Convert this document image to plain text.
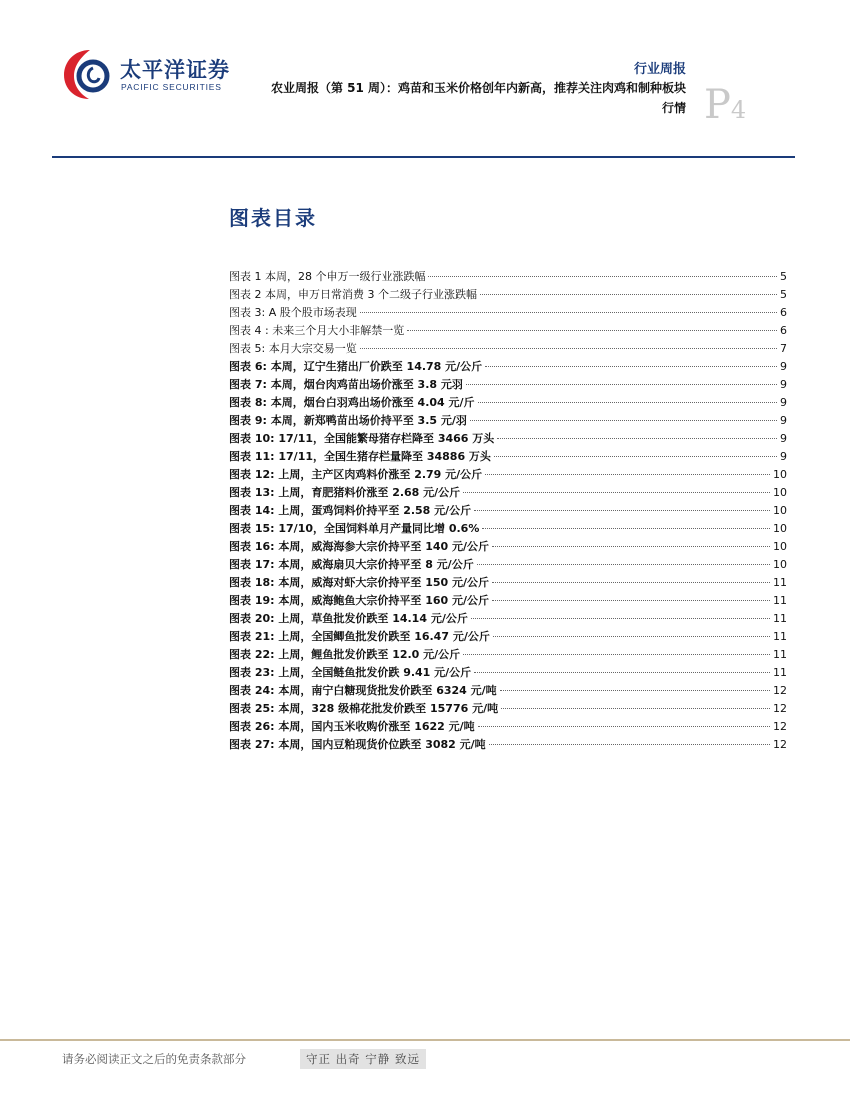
太平洋证券
PACIFIC SECURITIES
行业周报
农业周报（第 51 周）：鸡苗和玉米价格创年内新高，推荐关注肉鸡和制种板块行情 P4
图表目录
图表 1 本周，28 个申万一级行业涨跌幅	5
图表 2 本周，申万日常消费 3 个二级子行业涨跌幅	5
图表 3: A 股个股市场表现	6
图表 4 : 未来三个月大小非解禁一览	6
图表 5: 本月大宗交易一览	7
图表 6: 本周，辽宁生猪出厂价跌至 14.78 元/公斤	9
图表 7: 本周，烟台肉鸡苗出场价涨至 3.8 元羽	9
图表 8: 本周，烟台白羽鸡出场价涨至 4.04 元/斤	9
图表 9: 本周，新郑鸭苗出场价持平至 3.5 元/羽	9
图表 10: 17/11，全国能繁母猪存栏降至 3466 万头	9
图表 11: 17/11，全国生猪存栏量降至 34886 万头	9
图表 12: 上周，主产区肉鸡料价涨至 2.79 元/公斤	10
图表 13: 上周，育肥猪料价涨至 2.68 元/公斤	10
图表 14: 上周，蛋鸡饲料价持平至 2.58 元/公斤	10
图表 15: 17/10，全国饲料单月产量同比增 0.6%	10
图表 16: 本周，威海海参大宗价持平至 140 元/公斤	10
图表 17: 本周，威海扇贝大宗价持平至 8 元/公斤	10
图表 18: 本周，威海对虾大宗价持平至 150 元/公斤	11
图表 19: 本周，威海鲍鱼大宗价持平至 160 元/公斤	11
图表 20: 上周，草鱼批发价跌至 14.14 元/公斤	11
图表 21: 上周，全国鲫鱼批发价跌至 16.47 元/公斤	11
图表 22: 上周，鲤鱼批发价跌至 12.0 元/公斤	11
图表 23: 上周，全国鲢鱼批发价跌 9.41 元/公斤	11
图表 24: 本周，南宁白糖现货批发价跌至 6324 元/吨	12
图表 25: 本周，328 级棉花批发价跌至 15776 元/吨	12
图表 26: 本周，国内玉米收购价涨至 1622 元/吨	12
图表 27: 本周，国内豆粕现货价位跌至 3082 元/吨	12
请务必阅读正文之后的免责条款部分	守正 出奇 宁静 致远
